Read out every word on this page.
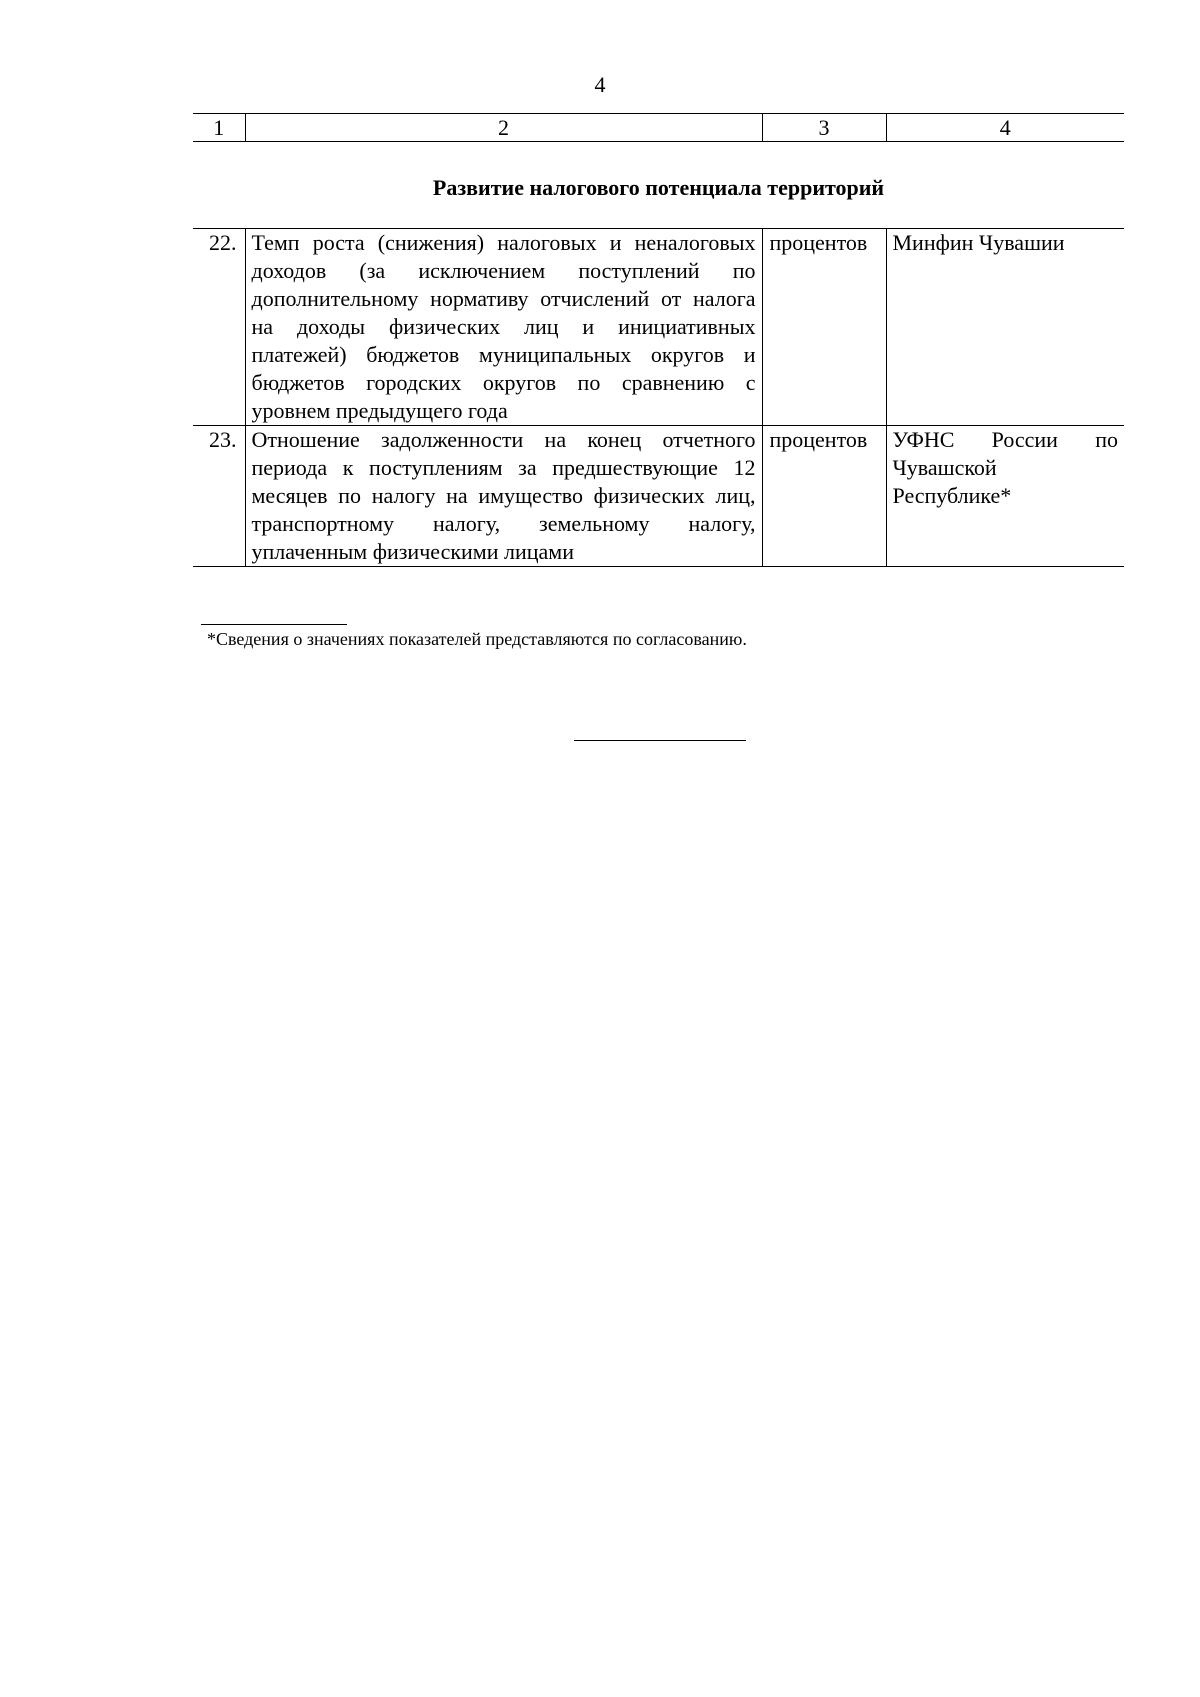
4
1	2	3	4
Развитие налогового потенциала территорий
22.	Темп роста (снижения) налоговых и неналоговых доходов (за исключением поступлений по дополнительному нормативу отчислений от налога на доходы физических лиц и инициативных платежей) бюджетов муниципальных округов и бюджетов городских округов по сравнению с уровнем предыдущего года	процентов	Минфин Чувашии
23.	Отношение задолженности на конец отчетного периода к поступлениям за предшествующие 12 месяцев по налогу на имущество физических лиц, транспортному налогу, земельному налогу, уплаченным физическими лицами	процентов	УФНС России по Чувашской Республике*
*Сведения о значениях показателей представляются по согласованию.
